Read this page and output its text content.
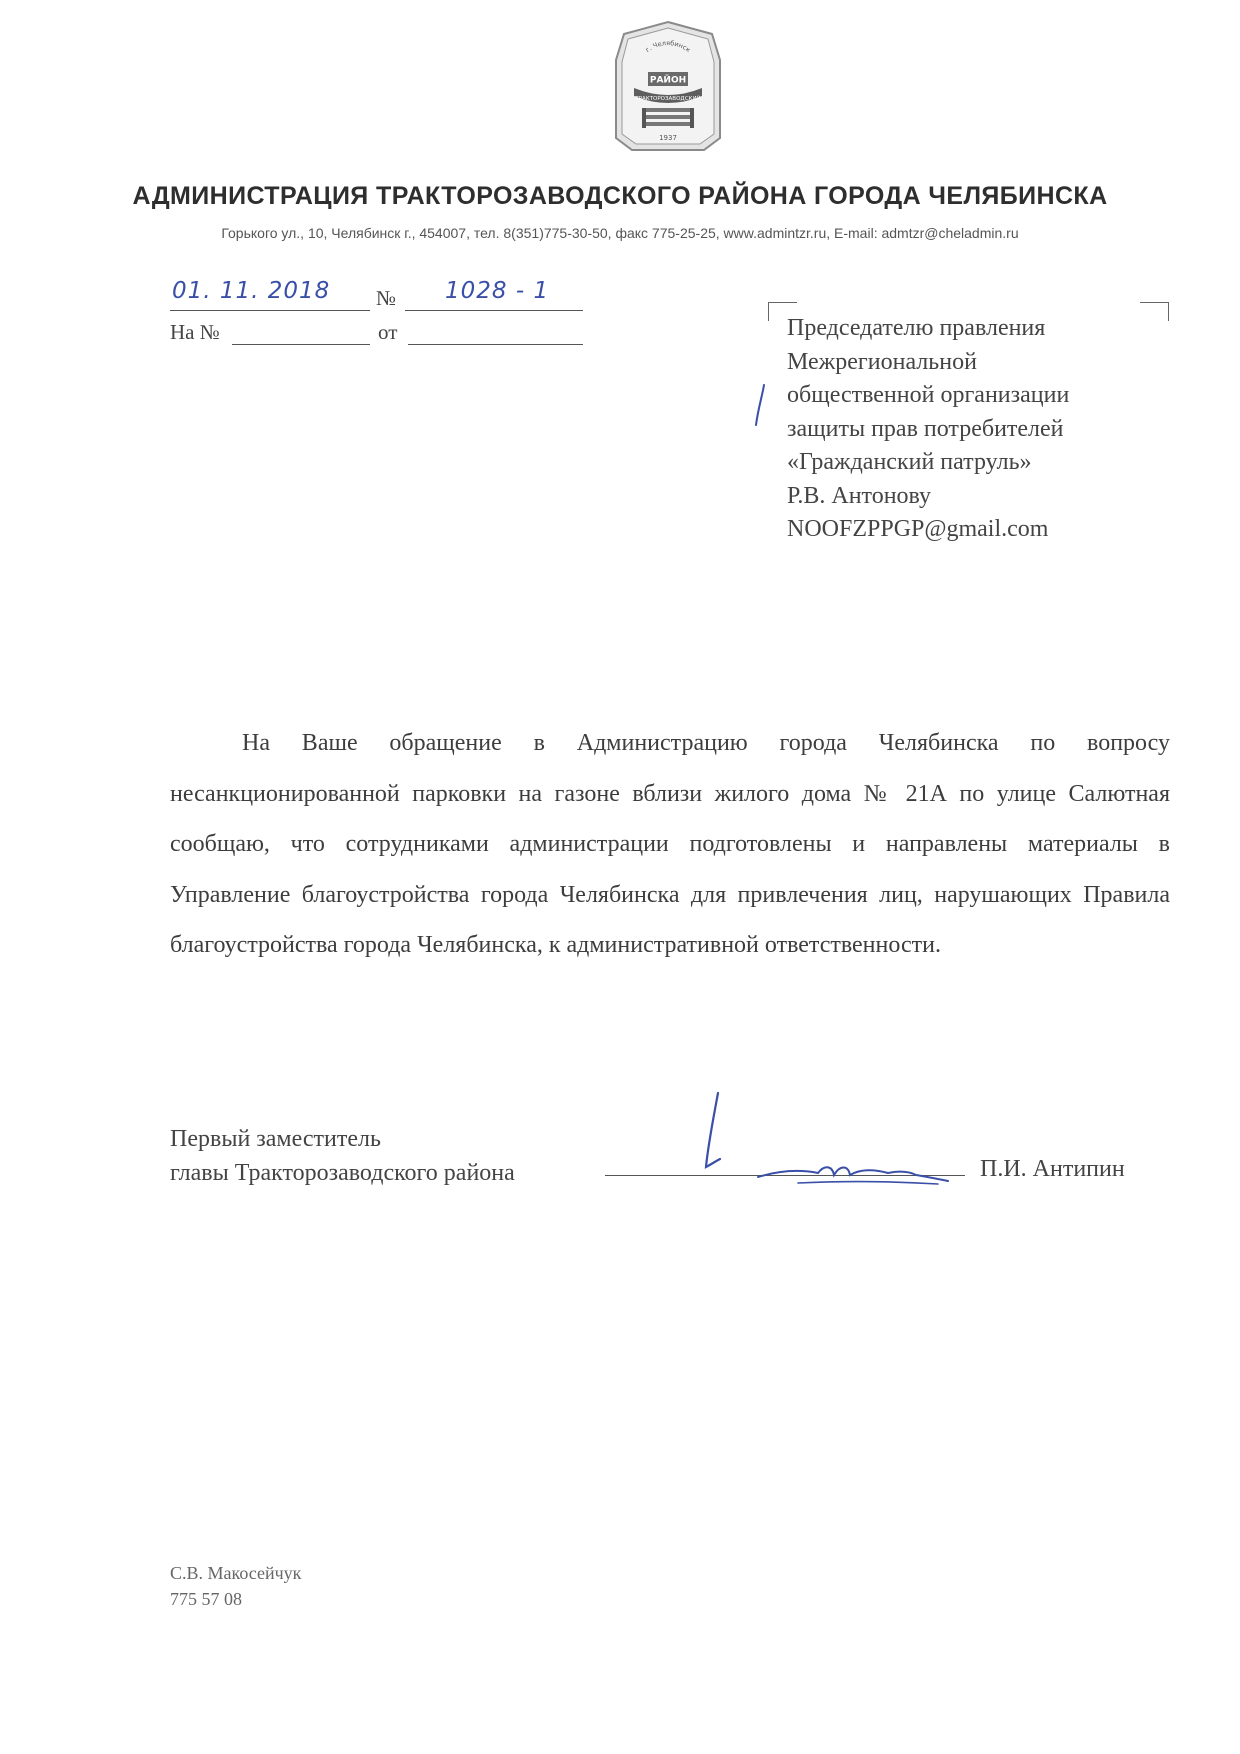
г. Челябинск
РАЙОН
ТРАКТОРОЗАВОДСКИЙ
1937
АДМИНИСТРАЦИЯ ТРАКТОРОЗАВОДСКОГО РАЙОНА ГОРОДА ЧЕЛЯБИНСКА
Горького ул., 10, Челябинск г., 454007, тел. 8(351)775-30-50, факс 775-25-25, www.admintzr.ru, E-mail: admtzr@cheladmin.ru
01. 11. 2018 № 1028 - 1
На №	от	Председателю правления
Межрегиональной
общественной организации
защиты прав потребителей
«Гражданский патруль»
Р.В. Антонову
NOOFZPPGP@gmail.com
На Ваше обращение в Администрацию города Челябинска по вопросу несанкционированной парковки на газоне вблизи жилого дома № 21А по улице Салютная сообщаю, что сотрудниками администрации подготовлены и направлены материалы в Управление благоустройства города Челябинска для привлечения лиц, нарушающих Правила благоустройства города Челябинска, к административной ответственности.
Первый заместитель
главы Тракторозаводского района	П.И. Антипин
С.В. Макосейчук
775 57 08
